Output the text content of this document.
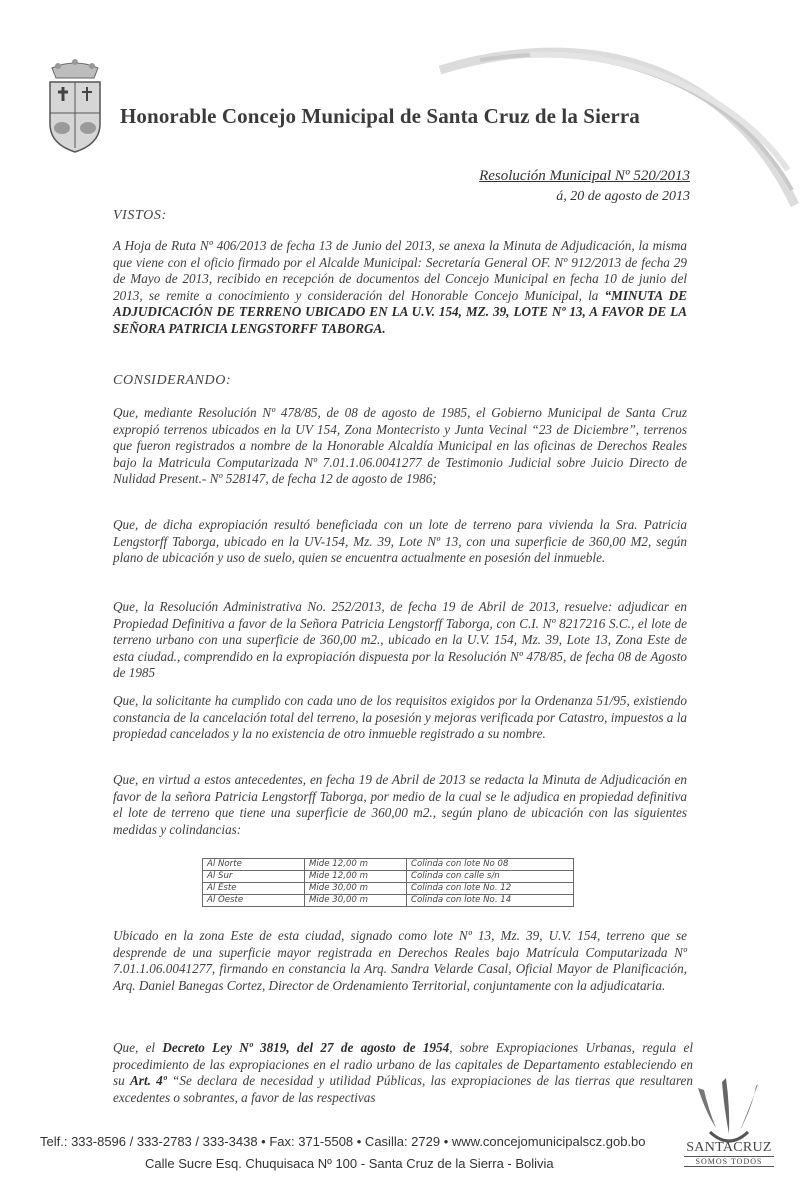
Honorable Concejo Municipal de Santa Cruz de la Sierra
Resolución Municipal Nº 520/2013
á, 20 de agosto de 2013
VISTOS:
A Hoja de Ruta Nº 406/2013 de fecha 13 de Junio del 2013, se anexa la Minuta de Adjudicación, la misma que viene con el oficio firmado por el Alcalde Municipal: Secretaría General OF. Nº 912/2013 de fecha 29 de Mayo de 2013, recibido en recepción de documentos del Concejo Municipal en fecha 10 de junio del 2013, se remite a conocimiento y consideración del Honorable Concejo Municipal, la “MINUTA DE ADJUDICACIÓN DE TERRENO UBICADO EN LA U.V. 154, MZ. 39, LOTE Nº 13, A FAVOR DE LA SEÑORA PATRICIA LENGSTORFF TABORGA.
CONSIDERANDO:
Que, mediante Resolución Nº 478/85, de 08 de agosto de 1985, el Gobierno Municipal de Santa Cruz expropió terrenos ubicados en la UV 154, Zona Montecristo y Junta Vecinal “23 de Diciembre”, terrenos que fueron registrados a nombre de la Honorable Alcaldía Municipal en las oficinas de Derechos Reales bajo la Matricula Computarizada Nº 7.01.1.06.0041277 de Testimonio Judicial sobre Juicio Directo de Nulidad Present.- Nº 528147, de fecha 12 de agosto de 1986;
Que, de dicha expropiación resultó beneficiada con un lote de terreno para vivienda la Sra. Patricia Lengstorff Taborga, ubicado en la UV-154, Mz. 39, Lote Nº 13, con una superficie de 360,00 M2, según plano de ubicación y uso de suelo, quien se encuentra actualmente en posesión del inmueble.
Que, la Resolución Administrativa No. 252/2013, de fecha 19 de Abril de 2013, resuelve: adjudicar en Propiedad Definitiva a favor de la Señora Patricia Lengstorff Taborga, con C.I. Nº 8217216 S.C., el lote de terreno urbano con una superficie de 360,00 m2., ubicado en la U.V. 154, Mz. 39, Lote 13, Zona Este de esta ciudad., comprendido en la expropiación dispuesta por la Resolución Nº 478/85, de fecha 08 de Agosto de 1985
Que, la solicitante ha cumplido con cada uno de los requisitos exigidos por la Ordenanza 51/95, existiendo constancia de la cancelación total del terreno, la posesión y mejoras verificada por Catastro, impuestos a la propiedad cancelados y la no existencia de otro inmueble registrado a su nombre.
Que, en virtud a estos antecedentes, en fecha 19 de Abril de 2013 se redacta la Minuta de Adjudicación en favor de la señora Patricia Lengstorff Taborga, por medio de la cual se le adjudica en propiedad definitiva el lote de terreno que tiene una superficie de 360,00 m2., según plano de ubicación con las siguientes medidas y colindancias:
Al Norte	Mide 12,00 m	Colinda con lote No 08
Al Sur	Mide 12,00 m	Colinda con calle s/n
Al Este	Mide 30,00 m	Colinda con lote No. 12
Al Oeste	Mide 30,00 m	Colinda con lote No. 14
Ubicado en la zona Este de esta ciudad, signado como lote Nº 13, Mz. 39, U.V. 154, terreno que se desprende de una superficie mayor registrada en Derechos Reales bajo Matrícula Computarizada Nº 7.01.1.06.0041277, firmando en constancia la Arq. Sandra Velarde Casal, Oficial Mayor de Planificación, Arq. Daniel Banegas Cortez, Director de Ordenamiento Territorial, conjuntamente con la adjudicataria.
Que, el Decreto Ley Nº 3819, del 27 de agosto de 1954, sobre Expropiaciones Urbanas, regula el procedimiento de las expropiaciones en el radio urbano de las capitales de Departamento estableciendo en su Art. 4º “Se declara de necesidad y utilidad Públicas, las expropiaciones de las tierras que resultaren excedentes o sobrantes, a favor de las respectivas
Telf.: 333-8596 / 333-2783 / 333-3438 • Fax: 371-5508 • Casilla: 2729 • www.concejomunicipalscz.gob.bo
Calle Sucre Esq. Chuquisaca Nº 100 - Santa Cruz de la Sierra - Bolivia
SANTACRUZ
SOMOS TODOS
